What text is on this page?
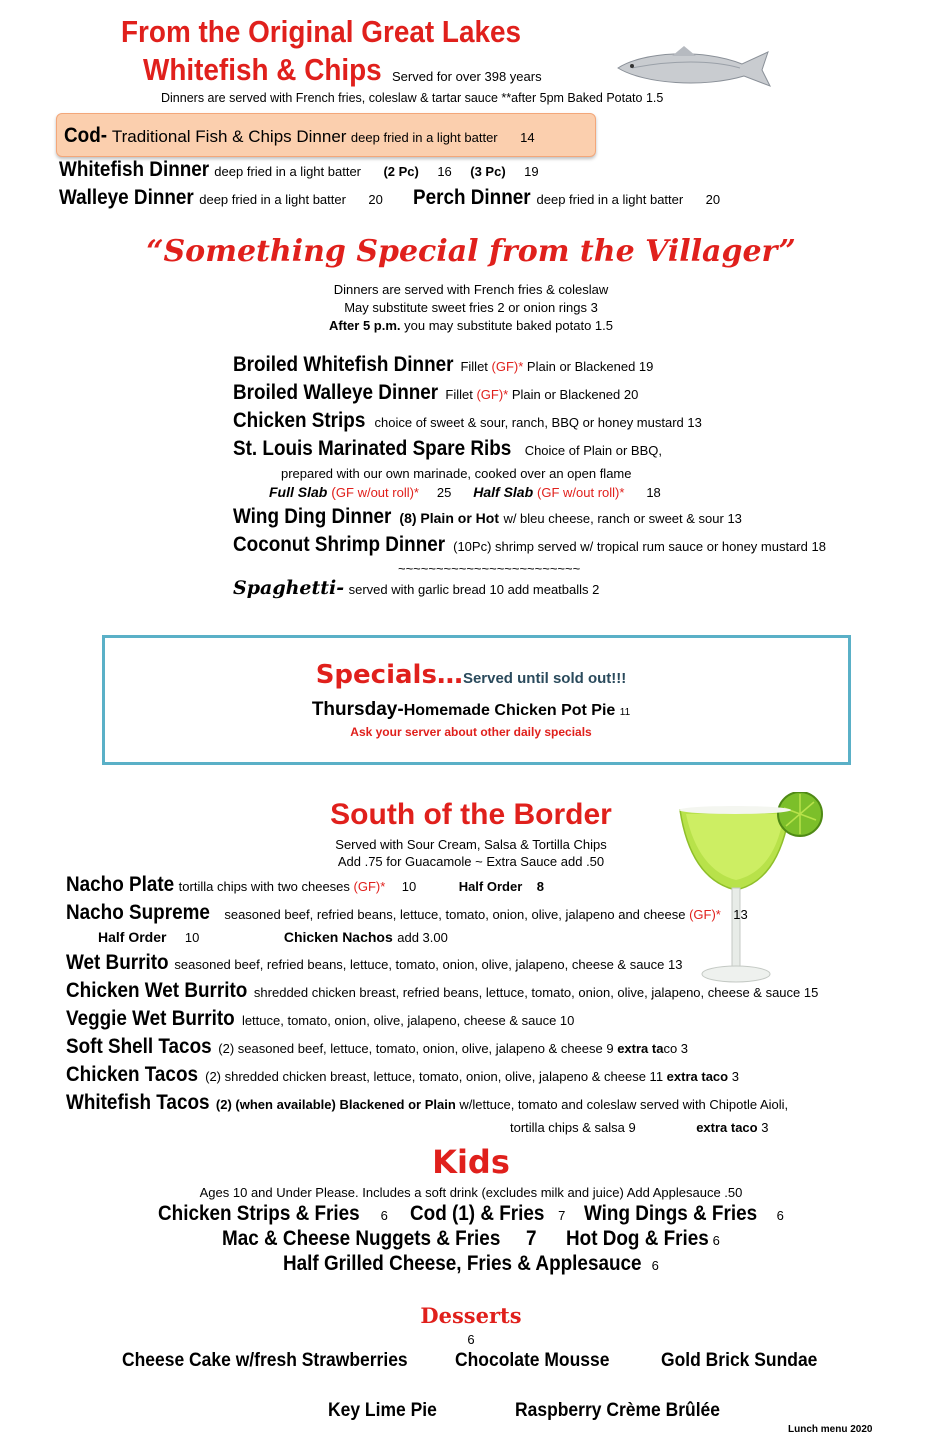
From the Original Great Lakes
Whitefish & Chips Served for over 398 years
Dinners are served with French fries, coleslaw & tartar sauce **after 5pm Baked Potato 1.5
Cod- Traditional Fish & Chips Dinner deep fried in a light batter 14
Whitefish Dinner deep fried in a light batter (2 Pc) 16 (3 Pc) 19
Walleye Dinner deep fried in a light batter 20 Perch Dinner deep fried in a light batter 20
“Something Special from the Villager”
Dinners are served with French fries & coleslaw
May substitute sweet fries 2 or onion rings 3
After 5 p.m. you may substitute baked potato 1.5
Broiled Whitefish Dinner Fillet (GF)* Plain or Blackened 19
Broiled Walleye Dinner Fillet (GF)* Plain or Blackened 20
Chicken Strips choice of sweet & sour, ranch, BBQ or honey mustard 13
St. Louis Marinated Spare Ribs Choice of Plain or BBQ,
prepared with our own marinade, cooked over an open flame
Full Slab (GF w/out roll)* 25 Half Slab (GF w/out roll)* 18
Wing Ding Dinner (8) Plain or Hot w/ bleu cheese, ranch or sweet & sour 13
Coconut Shrimp Dinner (10Pc) shrimp served w/ tropical rum sauce or honey mustard 18
~~~~~~~~~~~~~~~~~~~~~~~~
Spaghetti- served with garlic bread 10 add meatballs 2
Specials…Served until sold out!!!
Thursday-Homemade Chicken Pot Pie 11
Ask your server about other daily specials
South of the Border
Served with Sour Cream, Salsa & Tortilla Chips
Add .75 for Guacamole ~ Extra Sauce add .50
Nacho Plate tortilla chips with two cheeses (GF)* 10	Half Order 8
Nacho Supreme seasoned beef, refried beans, lettuce, tomato, onion, olive, jalapeno and cheese (GF)* 13
Half Order 10	Chicken Nachos add 3.00
Wet Burrito seasoned beef, refried beans, lettuce, tomato, onion, olive, jalapeno, cheese & sauce 13
Chicken Wet Burrito shredded chicken breast, refried beans, lettuce, tomato, onion, olive, jalapeno, cheese & sauce 15
Veggie Wet Burrito lettuce, tomato, onion, olive, jalapeno, cheese & sauce 10
Soft Shell Tacos (2) seasoned beef, lettuce, tomato, onion, olive, jalapeno & cheese 9 extra taco 3
Chicken Tacos (2) shredded chicken breast, lettuce, tomato, onion, olive, jalapeno & cheese 11 extra taco 3
Whitefish Tacos (2) (when available) Blackened or Plain w/lettuce, tomato and coleslaw served with Chipotle Aioli,
tortilla chips & salsa 9	extra taco 3
Kids
Ages 10 and Under Please. Includes a soft drink (excludes milk and juice) Add Applesauce .50
Chicken Strips & Fries 6 Cod (1) & Fries 7 Wing Dings & Fries 6
Mac & Cheese Nuggets & Fries 7 Hot Dog & Fries 6
Half Grilled Cheese, Fries & Applesauce 6
Desserts
6
Cheese Cake w/fresh Strawberries Chocolate Mousse	Gold Brick Sundae
Key Lime Pie	Raspberry Crème Brûlée
Lunch menu 2020
